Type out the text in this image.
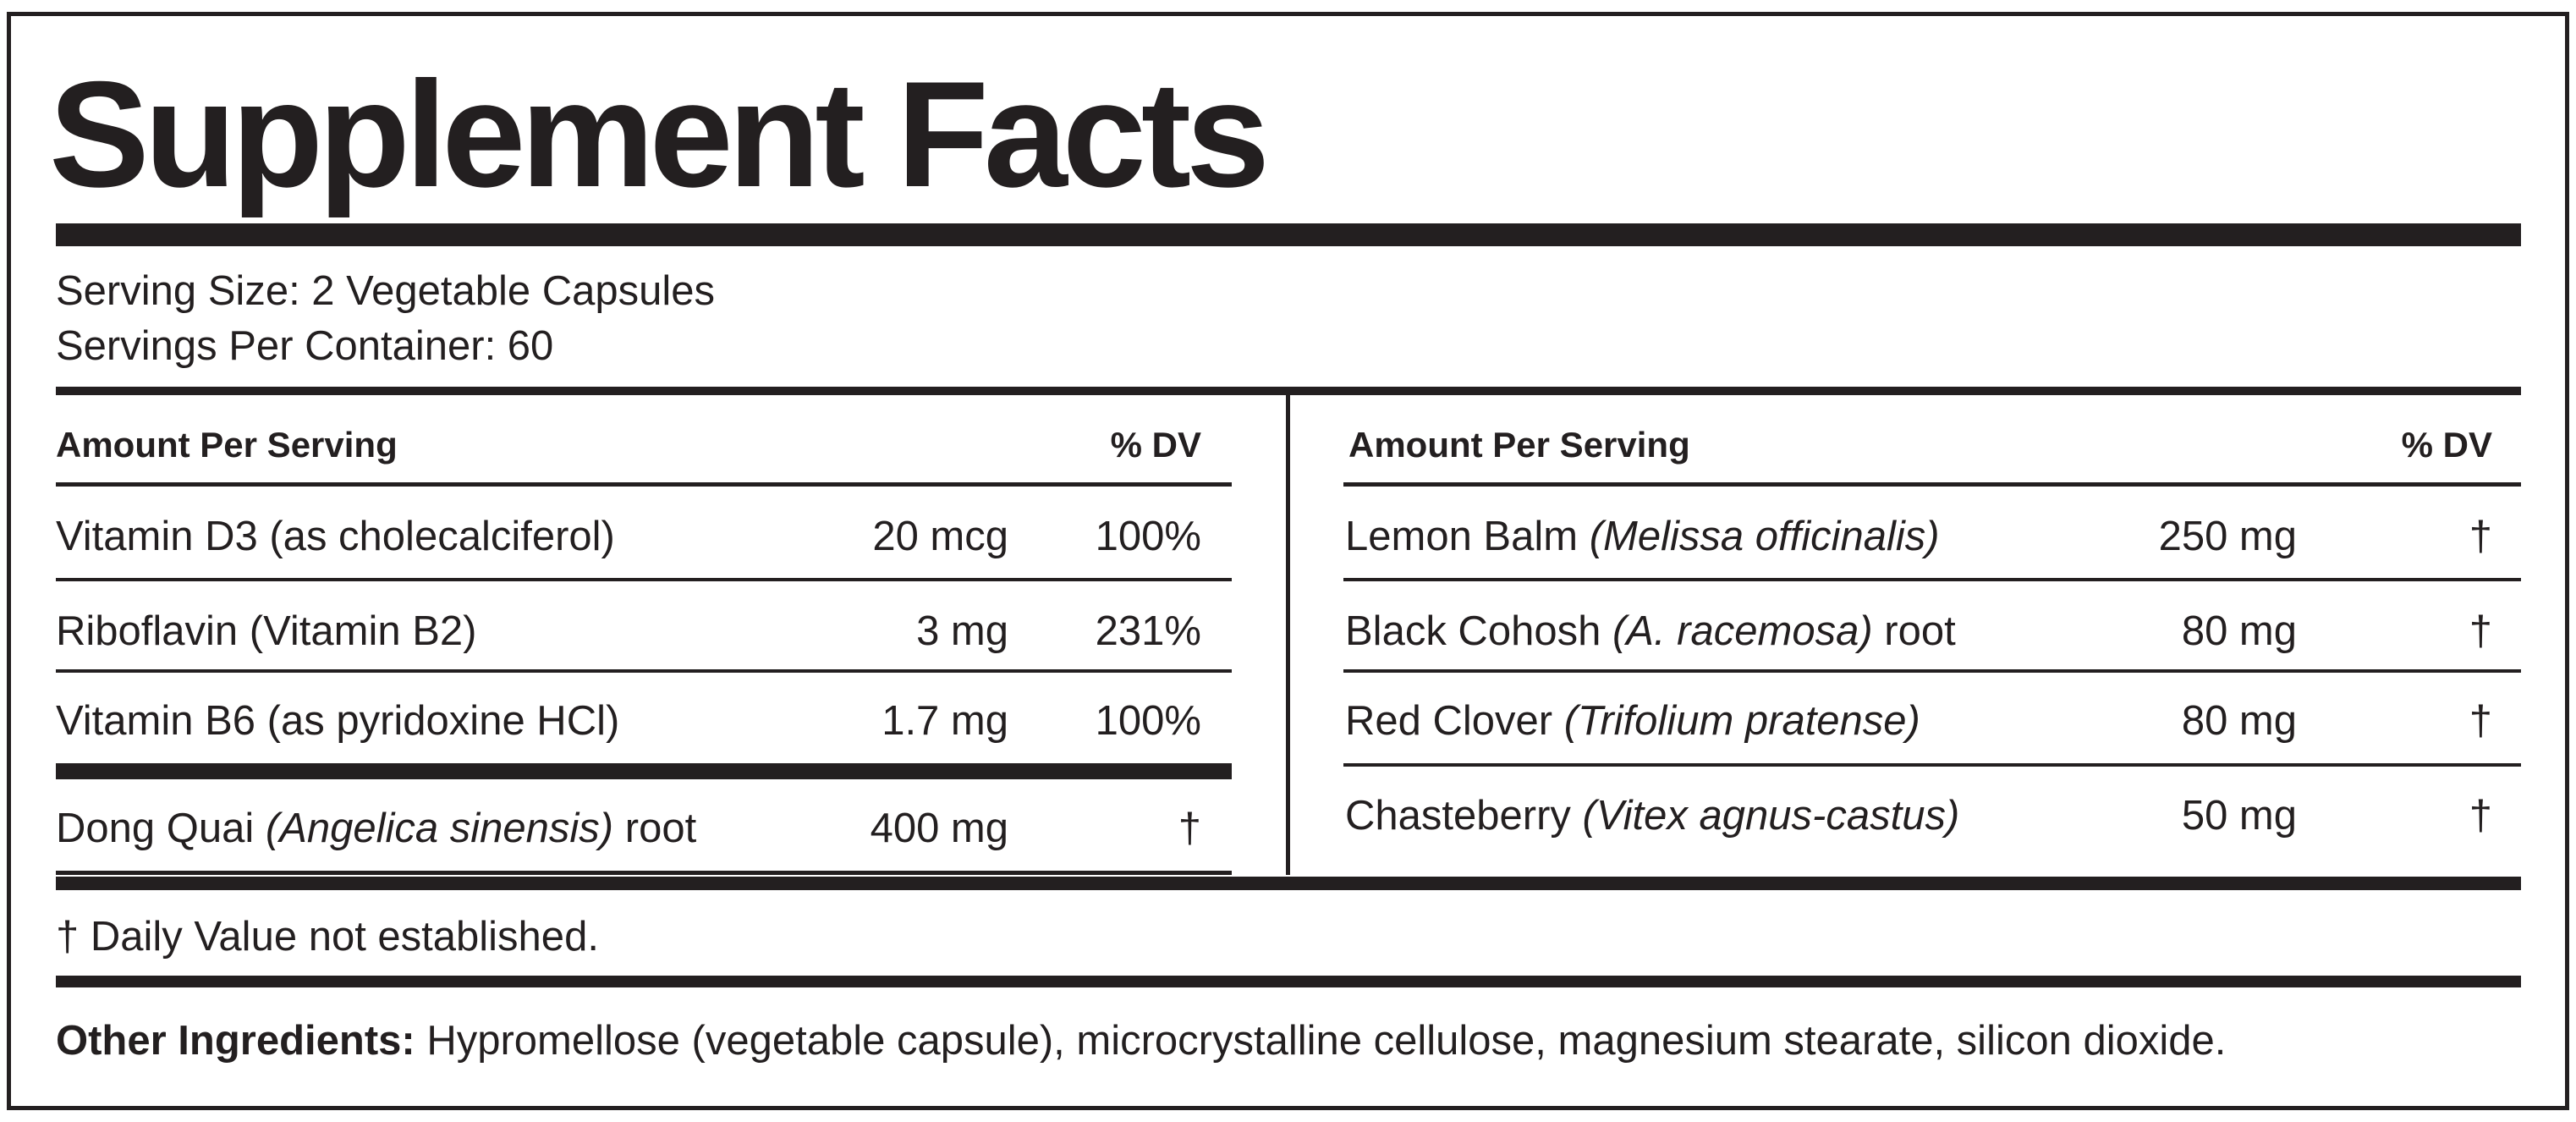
Supplement Facts
Serving Size: 2 Vegetable Capsules
Servings Per Container: 60
Amount Per Serving	% DV
Vitamin D3 (as cholecalciferol)	20 mcg	100%
Riboflavin (Vitamin B2)	3 mg	231%
Vitamin B6 (as pyridoxine HCl)	1.7 mg	100%
Dong Quai (Angelica sinensis) root	400 mg	†
Amount Per Serving	% DV
Lemon Balm (Melissa officinalis)	250 mg	†
Black Cohosh (A. racemosa) root	80 mg	†
Red Clover (Trifolium pratense)	80 mg	†
Chasteberry (Vitex agnus-castus)	50 mg	†
† Daily Value not established.
Other Ingredients: Hypromellose (vegetable capsule), microcrystalline cellulose, magnesium stearate, silicon dioxide.
